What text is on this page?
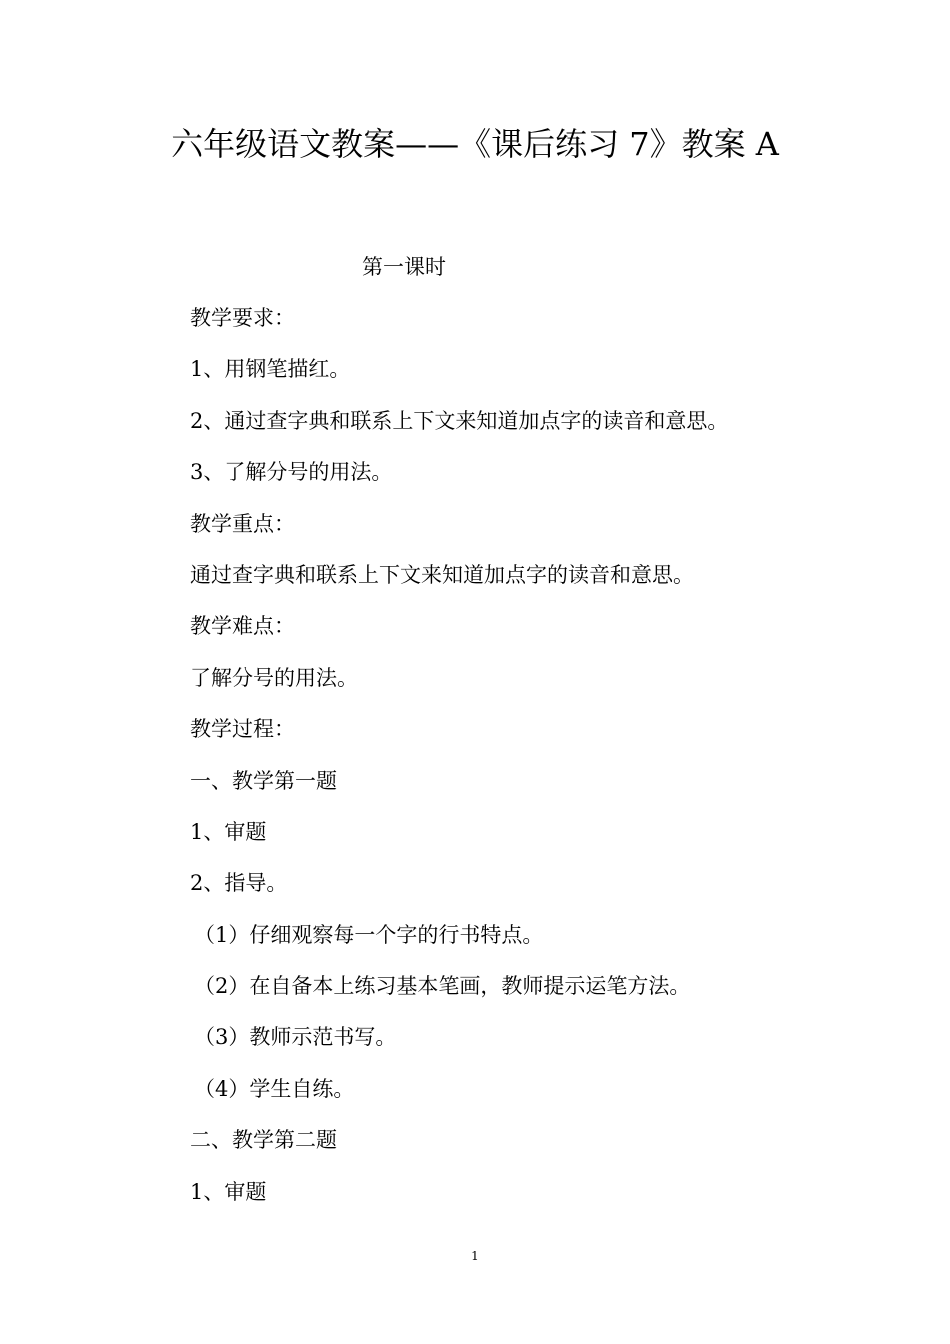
六年级语文教案——《课后练习 7》教案 A
第一课时
教学要求：
1、用钢笔描红。
2、通过查字典和联系上下文来知道加点字的读音和意思。
3、了解分号的用法。
教学重点：
通过查字典和联系上下文来知道加点字的读音和意思。
教学难点：
了解分号的用法。
教学过程：
一、教学第一题
1、审题
2、指导。
（1）仔细观察每一个字的行书特点。
（2）在自备本上练习基本笔画，教师提示运笔方法。
（3）教师示范书写。
（4）学生自练。
二、教学第二题
1、审题
1
